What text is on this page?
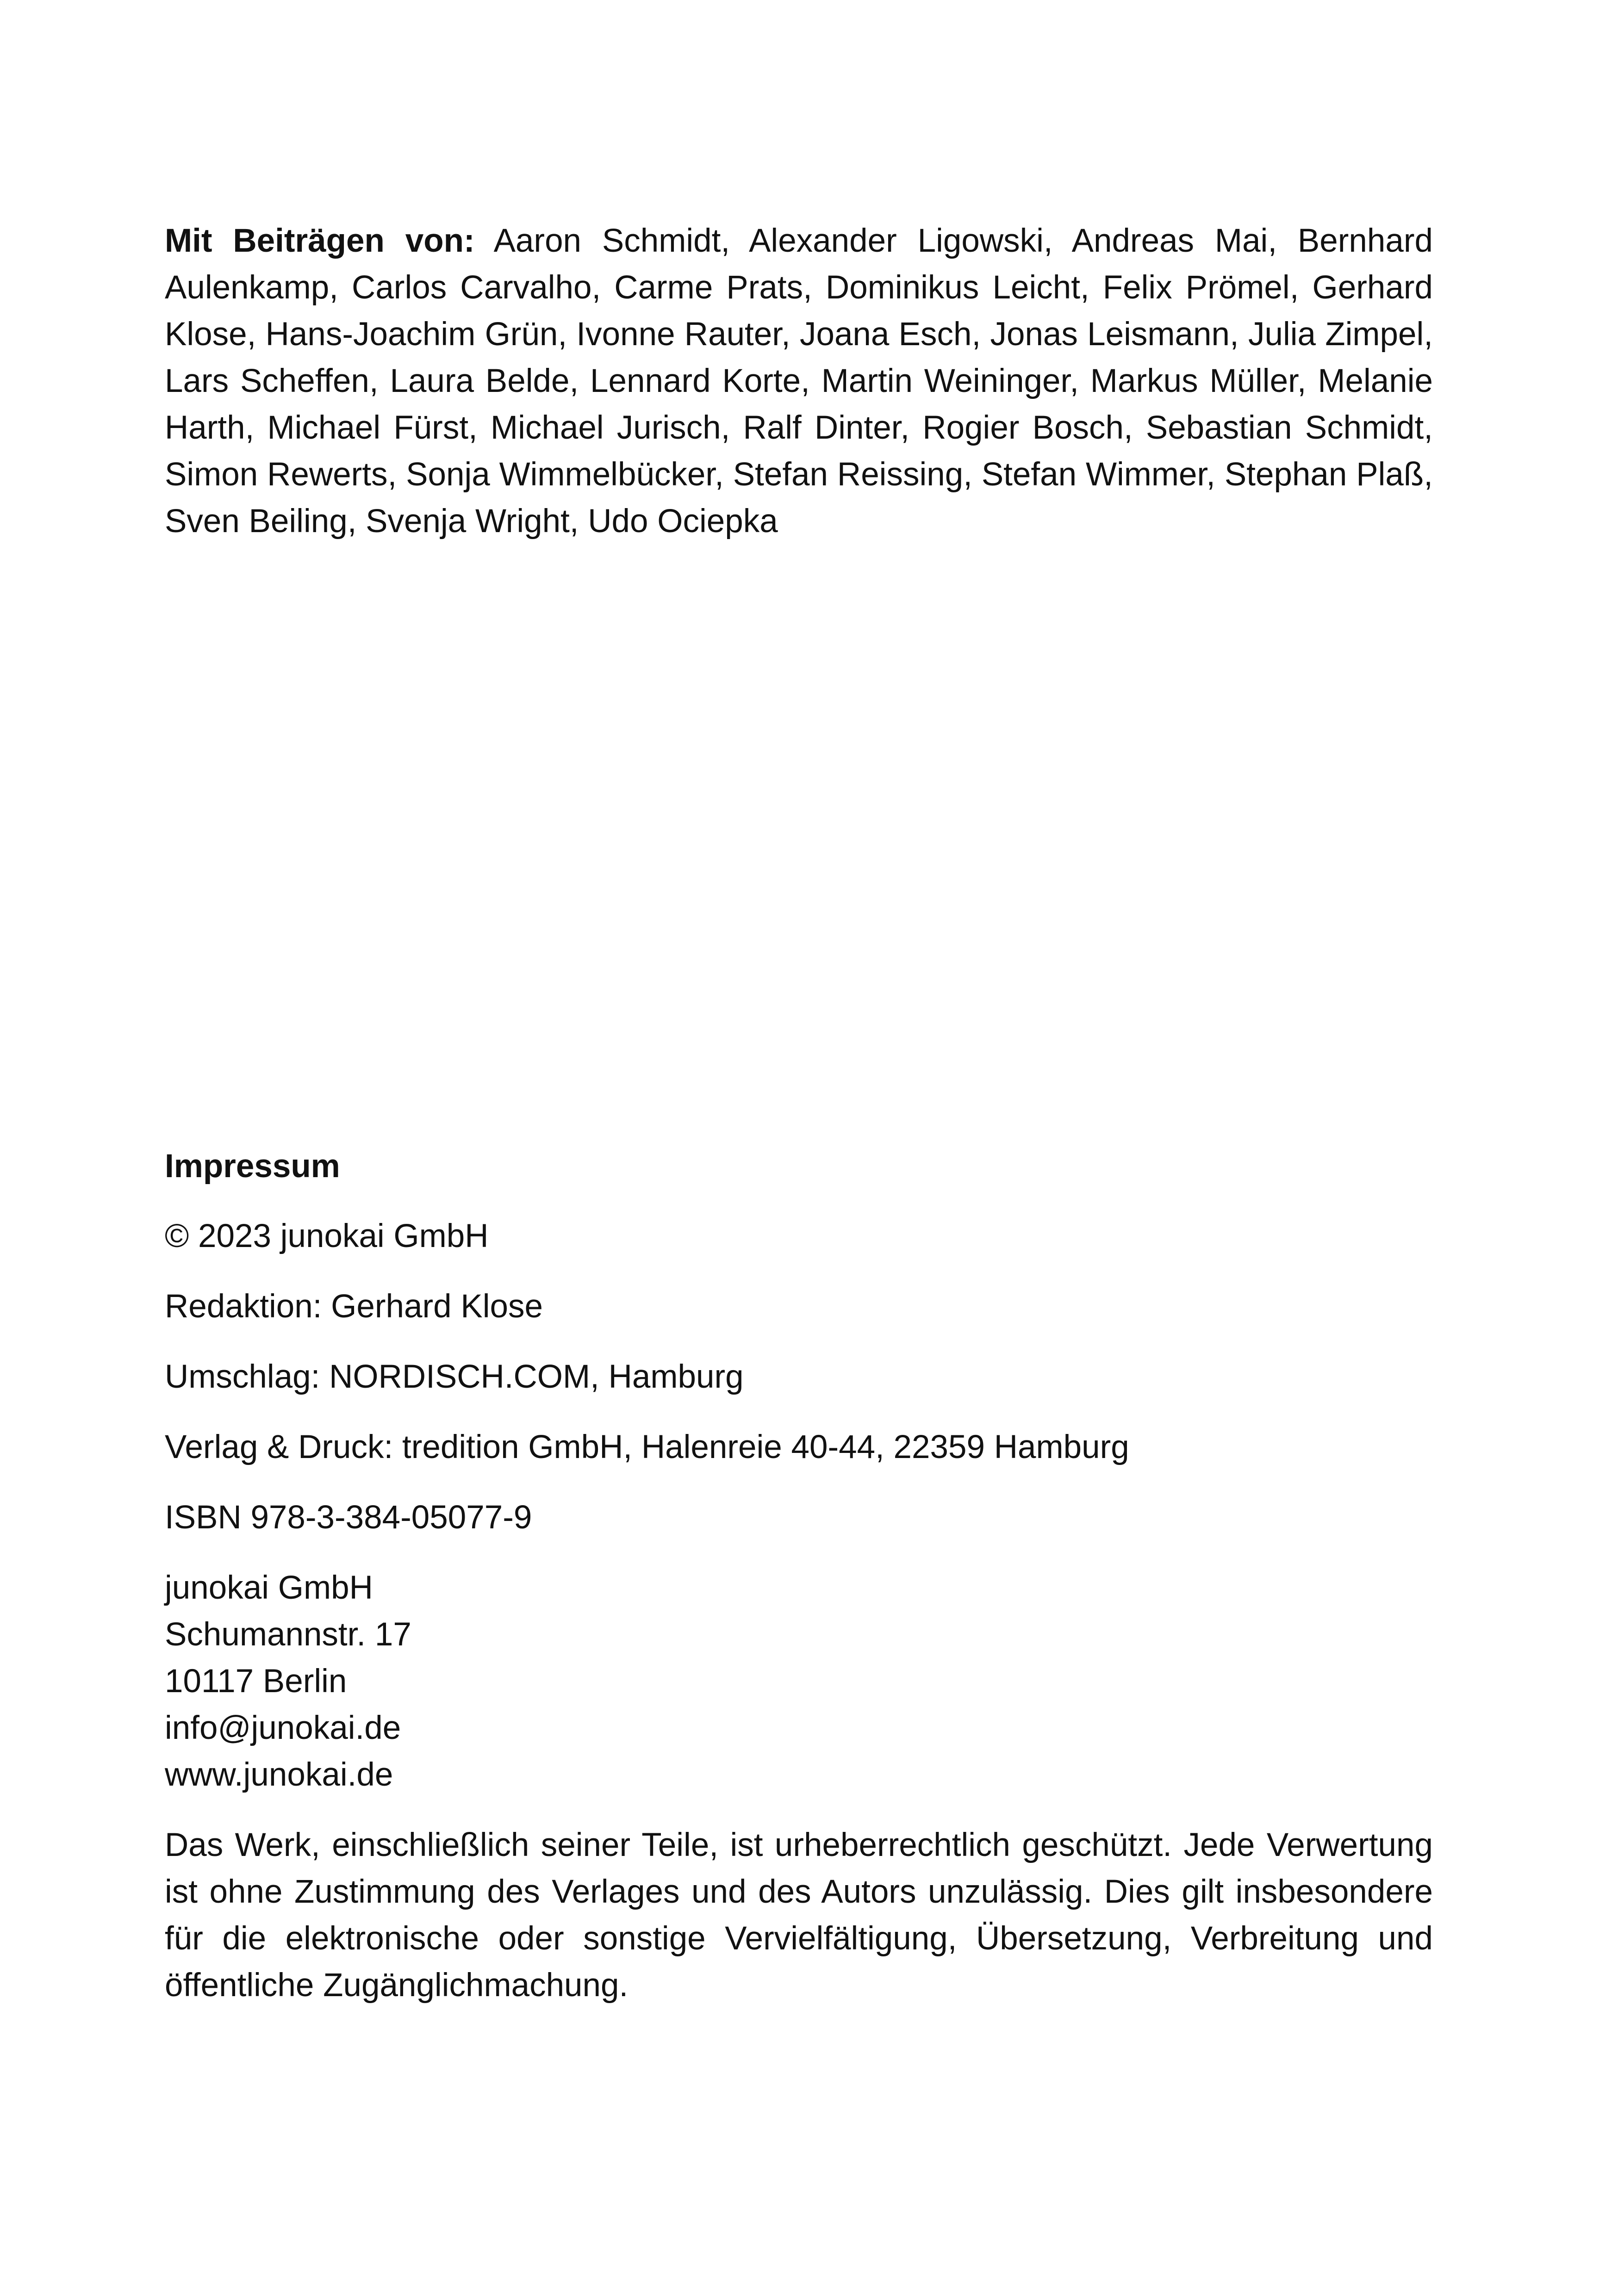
Mit Beiträgen von: Aaron Schmidt, Alexander Ligowski, Andreas Mai, Bernhard Aulenkamp, Carlos Carvalho, Carme Prats, Dominikus Leicht, Felix Prömel, Gerhard Klose, Hans-Joachim Grün, Ivonne Rauter, Joana Esch, Jonas Leismann, Julia Zimpel, Lars Scheffen, Laura Belde, Lennard Korte, Martin Weininger, Markus Müller, Melanie Harth, Michael Fürst, Michael Jurisch, Ralf Dinter, Rogier Bosch, Sebastian Schmidt, Simon Rewerts, Sonja Wimmelbücker, Stefan Reissing, Stefan Wimmer, Stephan Plaß, Sven Beiling, Svenja Wright, Udo Ociepka

Impressum

© 2023 junokai GmbH

Redaktion: Gerhard Klose

Umschlag: NORDISCH.COM, Hamburg

Verlag & Druck: tredition GmbH, Halenreie 40-44, 22359 Hamburg

ISBN 978-3-384-05077-9

junokai GmbH

Schumannstr. 17

10117 Berlin

info@junokai.de

www.junokai.de

Das Werk, einschließlich seiner Teile, ist urheberrechtlich geschützt. Jede Verwertung ist ohne Zustimmung des Verlages und des Autors unzulässig. Dies gilt insbesondere für die elektronische oder sonstige Vervielfältigung, Übersetzung, Verbreitung und öffentliche Zugänglichmachung.
